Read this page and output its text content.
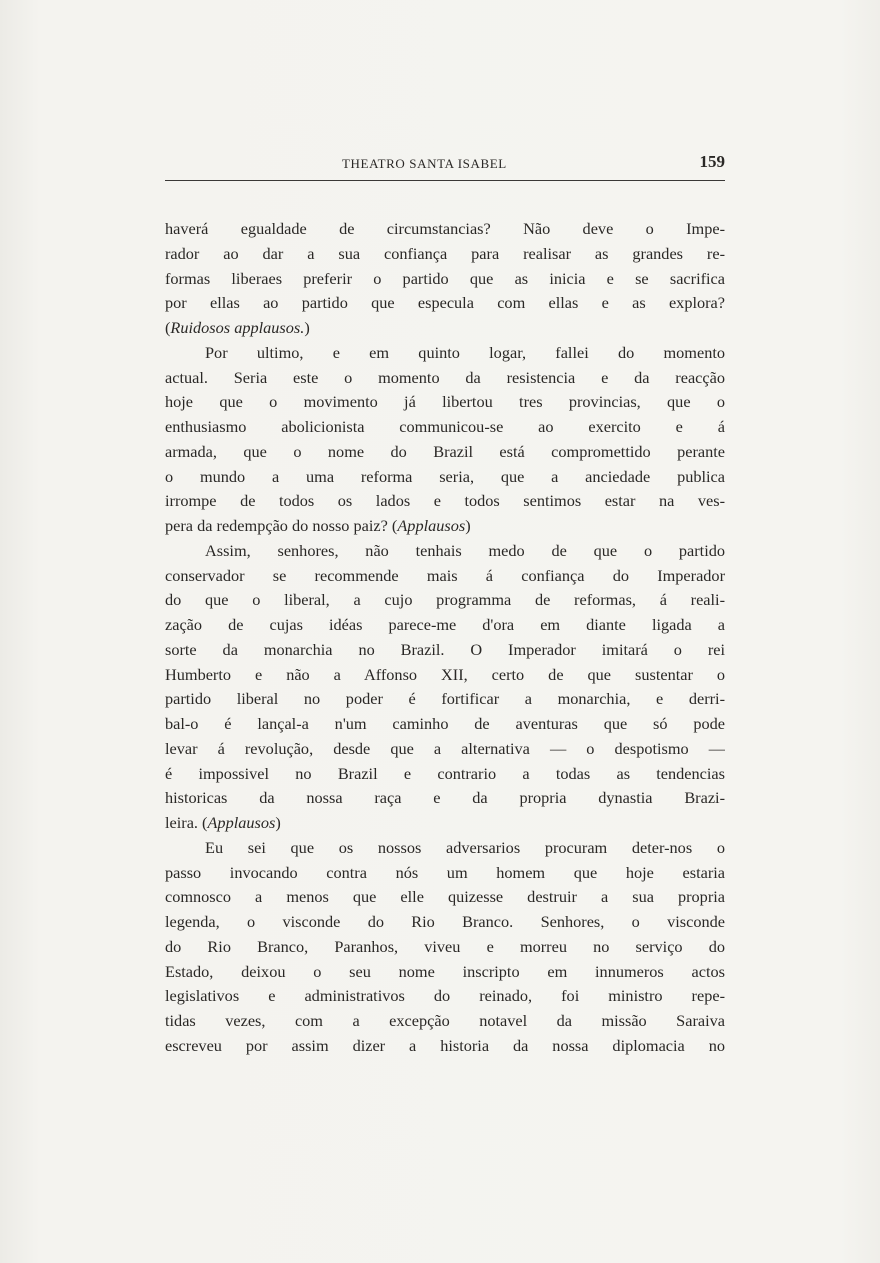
THEATRO SANTA ISABEL	159
haverá egualdade de circumstancias? Não deve o Impe-
rador ao dar a sua confiança para realisar as grandes re-
formas liberaes preferir o partido que as inicia e se sacrifica
por ellas ao partido que especula com ellas e as explora?
(Ruidosos applausos.)
Por ultimo, e em quinto logar, fallei do momento
actual. Seria este o momento da resistencia e da reacção
hoje que o movimento já libertou tres provincias, que o
enthusiasmo abolicionista communicou-se ao exercito e á
armada, que o nome do Brazil está compromettido perante
o mundo a uma reforma seria, que a anciedade publica
irrompe de todos os lados e todos sentimos estar na ves-
pera da redempção do nosso paiz? (Applausos)
Assim, senhores, não tenhais medo de que o partido
conservador se recommende mais á confiança do Imperador
do que o liberal, a cujo programma de reformas, á reali-
zação de cujas idéas parece-me d'ora em diante ligada a
sorte da monarchia no Brazil. O Imperador imitará o rei
Humberto e não a Affonso XII, certo de que sustentar o
partido liberal no poder é fortificar a monarchia, e derri-
bal-o é lançal-a n'um caminho de aventuras que só pode
levar á revolução, desde que a alternativa — o despotismo —
é impossivel no Brazil e contrario a todas as tendencias
historicas da nossa raça e da propria dynastia Brazi-
leira. (Applausos)
Eu sei que os nossos adversarios procuram deter-nos o
passo invocando contra nós um homem que hoje estaria
comnosco a menos que elle quizesse destruir a sua propria
legenda, o visconde do Rio Branco. Senhores, o visconde
do Rio Branco, Paranhos, viveu e morreu no serviço do
Estado, deixou o seu nome inscripto em innumeros actos
legislativos e administrativos do reinado, foi ministro repe-
tidas vezes, com a excepção notavel da missão Saraiva
escreveu por assim dizer a historia da nossa diplomacia no
